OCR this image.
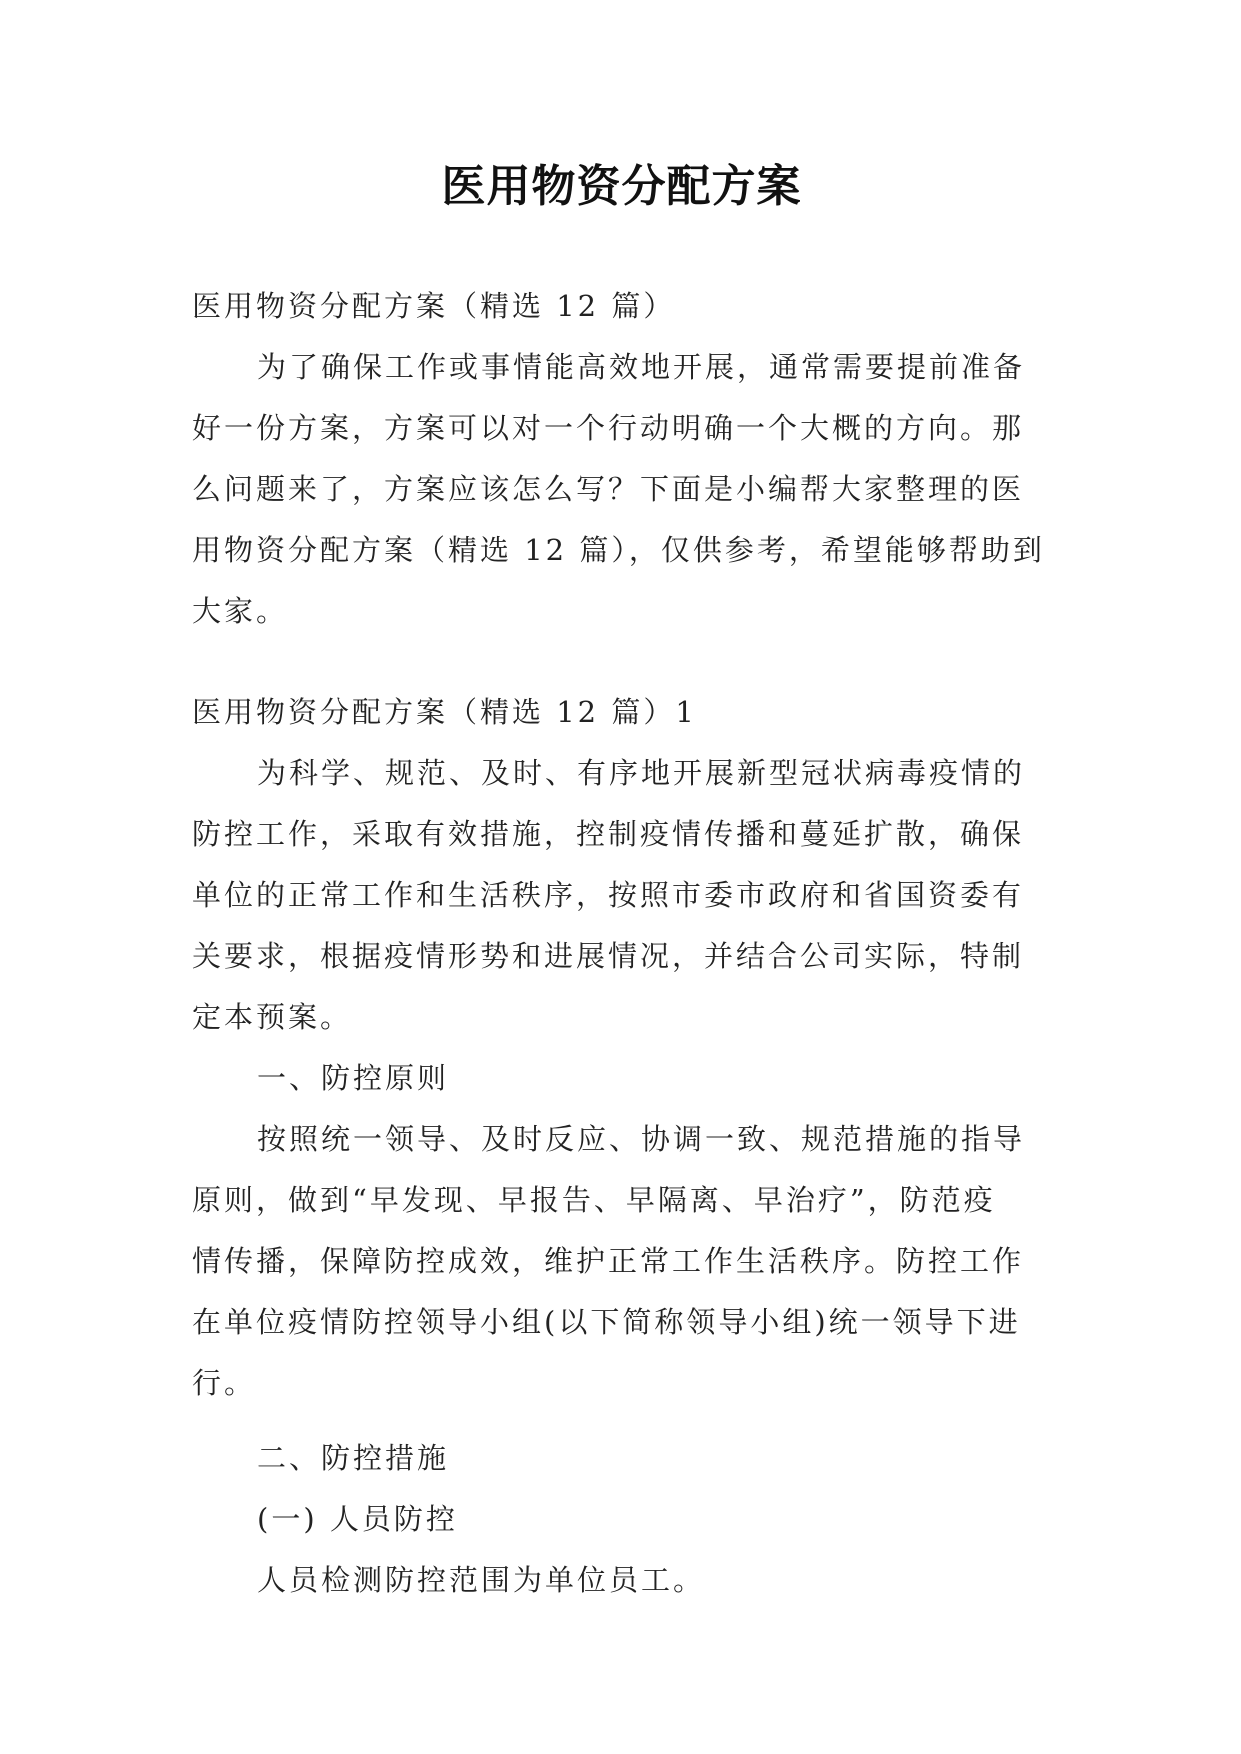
医用物资分配方案

医用物资分配方案（精选 12 篇）

为了确保工作或事情能高效地开展，通常需要提前准备

好一份方案，方案可以对一个行动明确一个大概的方向。那

么问题来了，方案应该怎么写？下面是小编帮大家整理的医

用物资分配方案（精选 12 篇），仅供参考，希望能够帮助到

大家。

医用物资分配方案（精选 12 篇）1

为科学、规范、及时、有序地开展新型冠状病毒疫情的

防控工作，采取有效措施，控制疫情传播和蔓延扩散，确保

单位的正常工作和生活秩序，按照市委市政府和省国资委有

关要求，根据疫情形势和进展情况，并结合公司实际，特制

定本预案。

一、防控原则

按照统一领导、及时反应、协调一致、规范措施的指导

原则，做到“早发现、早报告、早隔离、早治疗”，防范疫

情传播，保障防控成效，维护正常工作生活秩序。防控工作

在单位疫情防控领导小组(以下简称领导小组)统一领导下进

行。

二、防控措施

(一) 人员防控

人员检测防控范围为单位员工。
